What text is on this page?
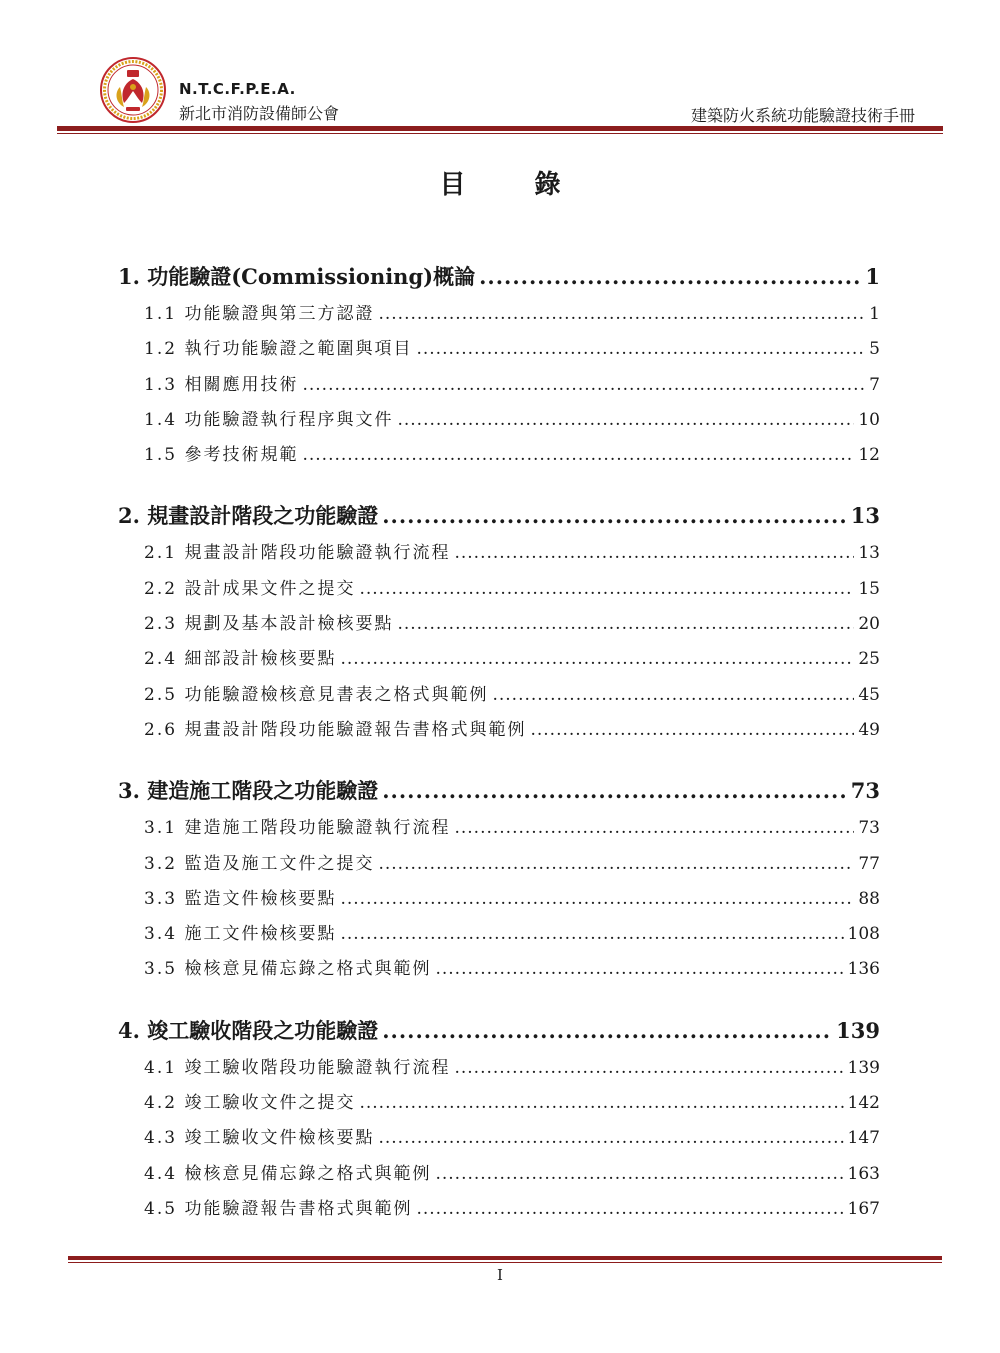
N.T.C.F.P.E.A.
新北市消防設備師公會	建築防火系統功能驗證技術手冊
目 錄
1. 功能驗證(Commissioning)概論 .....	1
1.1 功能驗證與第三方認證 .....	1
1.2 執行功能驗證之範圍與項目 .....	5
1.3 相關應用技術 .....	7
1.4 功能驗證執行程序與文件 .....	10
1.5 參考技術規範 .....	12
2. 規畫設計階段之功能驗證 .....	13
2.1 規畫設計階段功能驗證執行流程 .....	13
2.2 設計成果文件之提交 .....	15
2.3 規劃及基本設計檢核要點 .....	20
2.4 細部設計檢核要點 .....	25
2.5 功能驗證檢核意見書表之格式與範例 .....	45
2.6 規畫設計階段功能驗證報告書格式與範例 .....	49
3. 建造施工階段之功能驗證 .....	73
3.1 建造施工階段功能驗證執行流程 .....	73
3.2 監造及施工文件之提交 .....	77
3.3 監造文件檢核要點 .....	88
3.4 施工文件檢核要點 .....	108
3.5 檢核意見備忘錄之格式與範例 .....	136
4. 竣工驗收階段之功能驗證 .....	139
4.1 竣工驗收階段功能驗證執行流程 .....	139
4.2 竣工驗收文件之提交 .....	142
4.3 竣工驗收文件檢核要點 .....	147
4.4 檢核意見備忘錄之格式與範例 .....	163
4.5 功能驗證報告書格式與範例 .....	167
I
